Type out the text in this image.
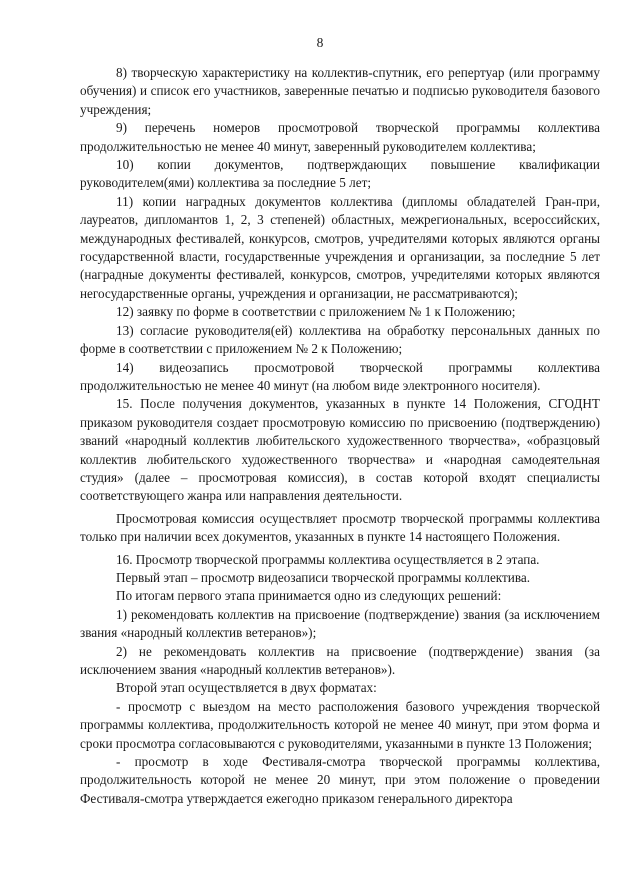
8

8) творческую характеристику на коллектив-спутник, его репертуар (или программу обучения) и список его участников, заверенные печатью и подписью руководителя базового учреждения;

9) перечень номеров просмотровой творческой программы коллектива продолжительностью не менее 40 минут, заверенный руководителем коллектива;

10) копии документов, подтверждающих повышение квалификации руководителем(ями) коллектива за последние 5 лет;

11) копии наградных документов коллектива (дипломы обладателей Гран-при, лауреатов, дипломантов 1, 2, 3 степеней) областных, межрегиональных, всероссийских, международных фестивалей, конкурсов, смотров, учредителями которых являются органы государственной власти, государственные учреждения и организации, за последние 5 лет (наградные документы фестивалей, конкурсов, смотров, учредителями которых являются негосударственные органы, учреждения и организации, не рассматриваются);

12) заявку по форме в соответствии с приложением № 1 к Положению;

13) согласие руководителя(ей) коллектива на обработку персональных данных по форме в соответствии с приложением № 2 к Положению;

14) видеозапись просмотровой творческой программы коллектива продолжительностью не менее 40 минут (на любом виде электронного носителя).

15. После получения документов, указанных в пункте 14 Положения, СГОДНТ приказом руководителя создает просмотровую комиссию по присвоению (подтверждению) званий «народный коллектив любительского художественного творчества», «образцовый коллектив любительского художественного творчества» и «народная самодеятельная студия» (далее – просмотровая комиссия), в состав которой входят специалисты соответствующего жанра или направления деятельности.

Просмотровая комиссия осуществляет просмотр творческой программы коллектива только при наличии всех документов, указанных в пункте 14 настоящего Положения.

16. Просмотр творческой программы коллектива осуществляется в 2 этапа.

Первый этап – просмотр видеозаписи творческой программы коллектива.

По итогам первого этапа принимается одно из следующих решений:

1) рекомендовать коллектив на присвоение (подтверждение) звания (за исключением звания «народный коллектив ветеранов»);

2) не рекомендовать коллектив на присвоение (подтверждение) звания (за исключением звания «народный коллектив ветеранов»).

Второй этап осуществляется в двух форматах:

- просмотр с выездом на место расположения базового учреждения творческой программы коллектива, продолжительность которой не менее 40 минут, при этом форма и сроки просмотра согласовываются с руководителями, указанными в пункте 13 Положения;

- просмотр в ходе Фестиваля-смотра творческой программы коллектива, продолжительность которой не менее 20 минут, при этом положение о проведении Фестиваля-смотра утверждается ежегодно приказом генерального директора
